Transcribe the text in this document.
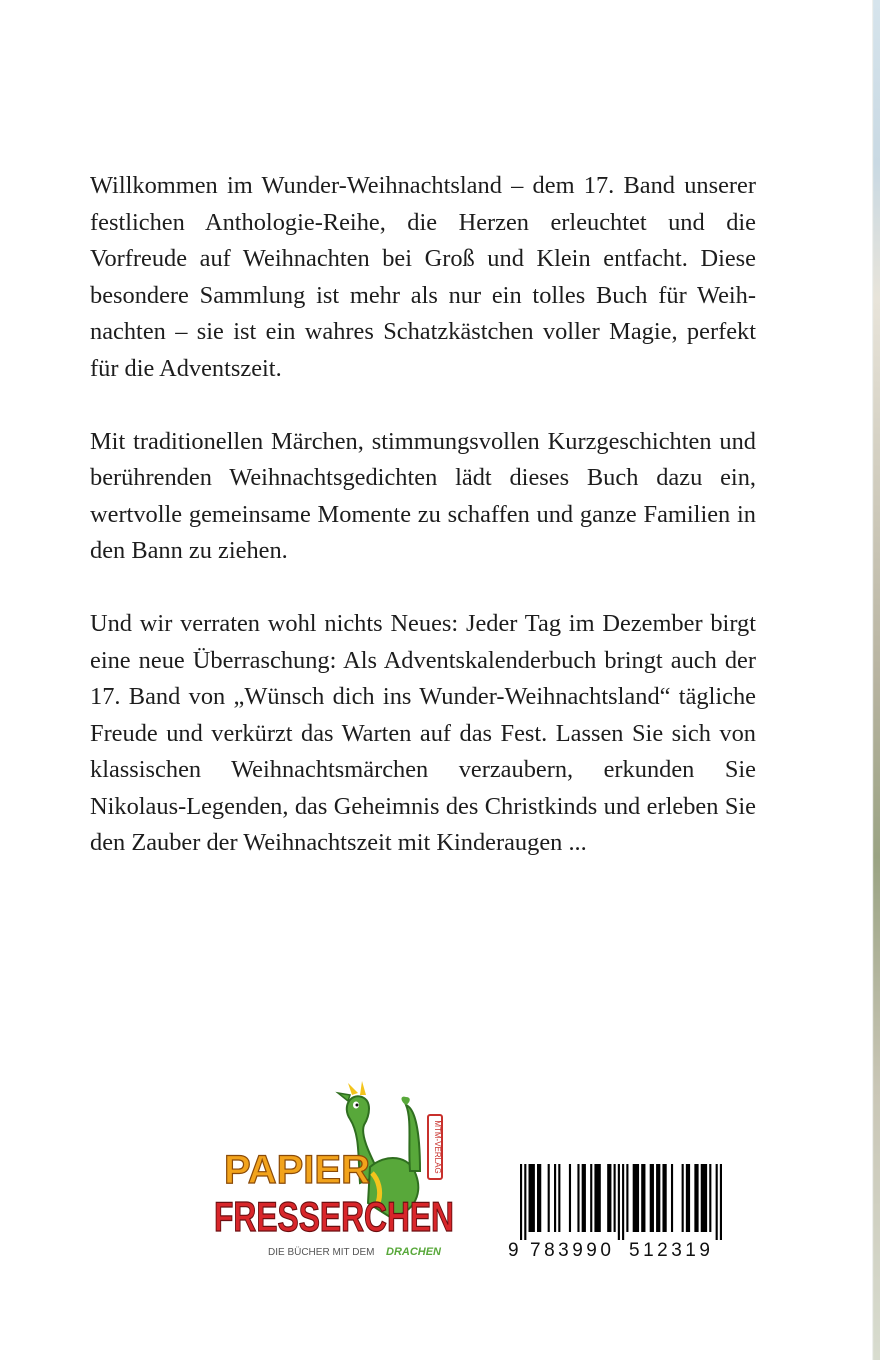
Willkommen im Wunder-Weihnachtsland – dem 17. Band unserer festlichen Anthologie-Reihe, die Herzen erleuchtet und die Vorfreude auf Weihnachten bei Groß und Klein entfacht. Diese besondere Sammlung ist mehr als nur ein tolles Buch für Weihnachten – sie ist ein wahres Schatzkästchen voller Magie, perfekt für die Adventszeit.

Mit traditionellen Märchen, stimmungsvollen Kurzgeschichten und berührenden Weihnachtsgedichten lädt dieses Buch dazu ein, wertvolle gemeinsame Momente zu schaffen und ganze Familien in den Bann zu ziehen.

Und wir verraten wohl nichts Neues: Jeder Tag im Dezember birgt eine neue Überraschung: Als Adventskalenderbuch bringt auch der 17. Band von „Wünsch dich ins Wunder-Weihnachtsland“ tägliche Freude und verkürzt das Warten auf das Fest. Lassen Sie sich von klassischen Weihnachtsmärchen verzaubern, erkunden Sie Nikolaus-Legenden, das Geheimnis des Christkinds und erleben Sie den Zauber der Weihnachtszeit mit Kinderaugen ...

MTM-VERLAG
PAPIER
FRESSERCHEN
DIE BÜCHER MIT DEM DRACHEN	9 783990 512319
